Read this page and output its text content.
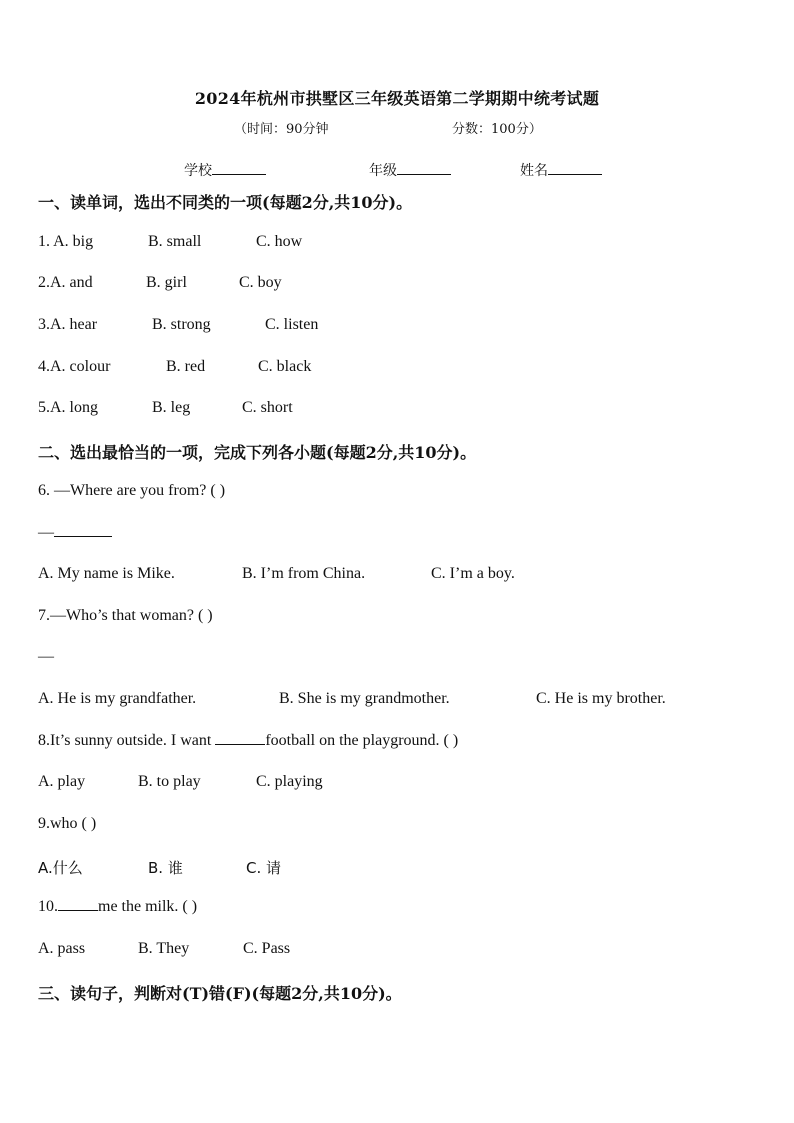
2024年杭州市拱墅区三年级英语第二学期期中统考试题
（时间：90分钟	分数：100分）
学校	年级	姓名
一、读单词，选出不同类的一项(每题2分,共10分)。
1. A. big	B. small	C. how
2.A. and	B. girl	C. boy
3.A. hear	B. strong	C. listen
4.A. colour	B. red	C. black
5.A. long	B. leg	C. short
二、选出最恰当的一项，完成下列各小题(每题2分,共10分)。
6. —Where are you from? ( )
—
A. My name is Mike.	B. I’m from China.	C. I’m a boy.
7.—Who’s that woman? ( )
—
A. He is my grandfather.	B. She is my grandmother.	C. He is my brother.
8.It’s sunny outside. I want	football on the playground. ( )
A. play	B. to play	C. playing
9.who ( )
A.什么	B. 谁	C. 请
10.	me the milk. ( )
A. pass	B. They	C. Pass
三、读句子，判断对(T)错(F)(每题2分,共10分)。
